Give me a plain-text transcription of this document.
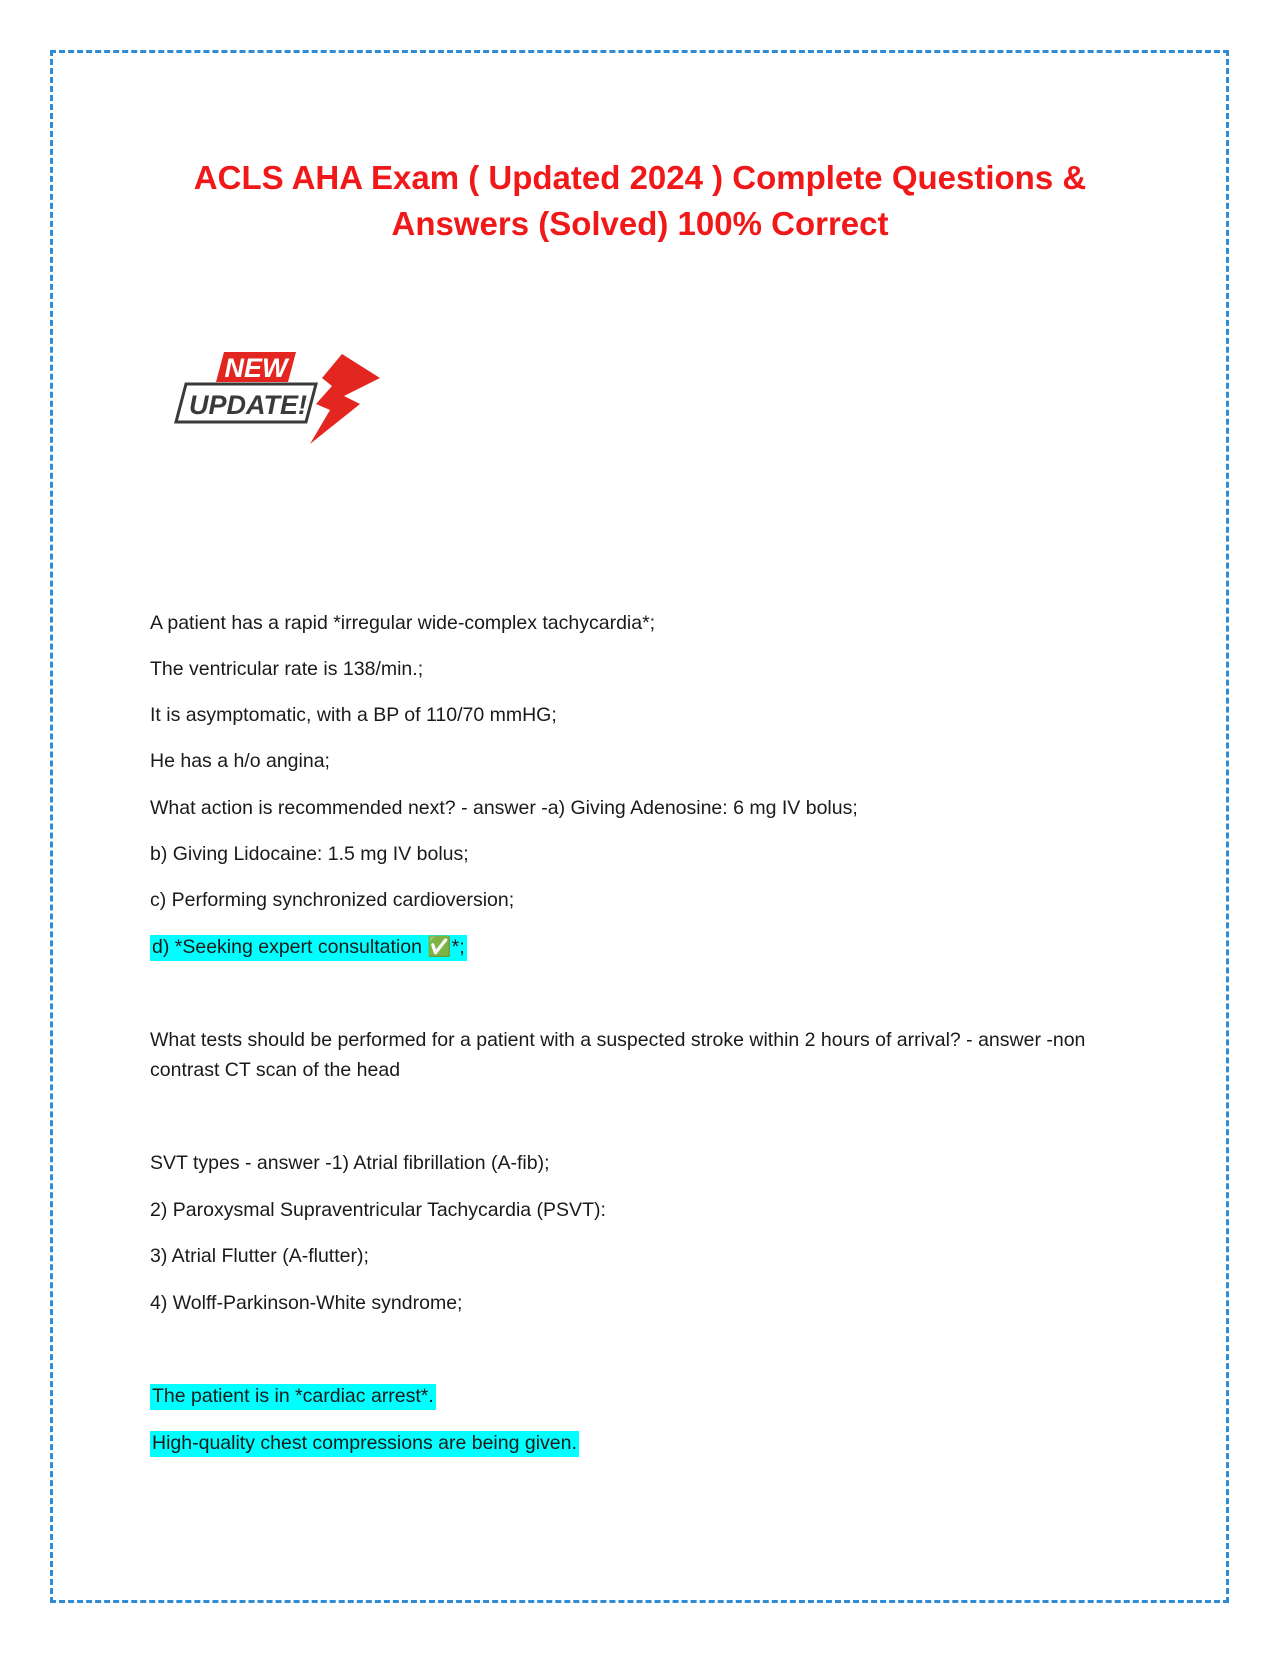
ACLS AHA Exam ( Updated 2024 ) Complete Questions &
Answers (Solved) 100% Correct
NEW
UPDATE!
A patient has a rapid *irregular wide-complex tachycardia*;
The ventricular rate is 138/min.;
It is asymptomatic, with a BP of 110/70 mmHG;
He has a h/o angina;
What action is recommended next? - answer -a) Giving Adenosine: 6 mg IV bolus;
b) Giving Lidocaine: 1.5 mg IV bolus;
c) Performing synchronized cardioversion;
d) *Seeking expert consultation ✅*;
What tests should be performed for a patient with a suspected stroke within 2 hours of arrival? - answer -non contrast CT scan of the head
SVT types - answer -1) Atrial fibrillation (A-fib);
2) Paroxysmal Supraventricular Tachycardia (PSVT):
3) Atrial Flutter (A-flutter);
4) Wolff-Parkinson-White syndrome;
The patient is in *cardiac arrest*.
High-quality chest compressions are being given.
